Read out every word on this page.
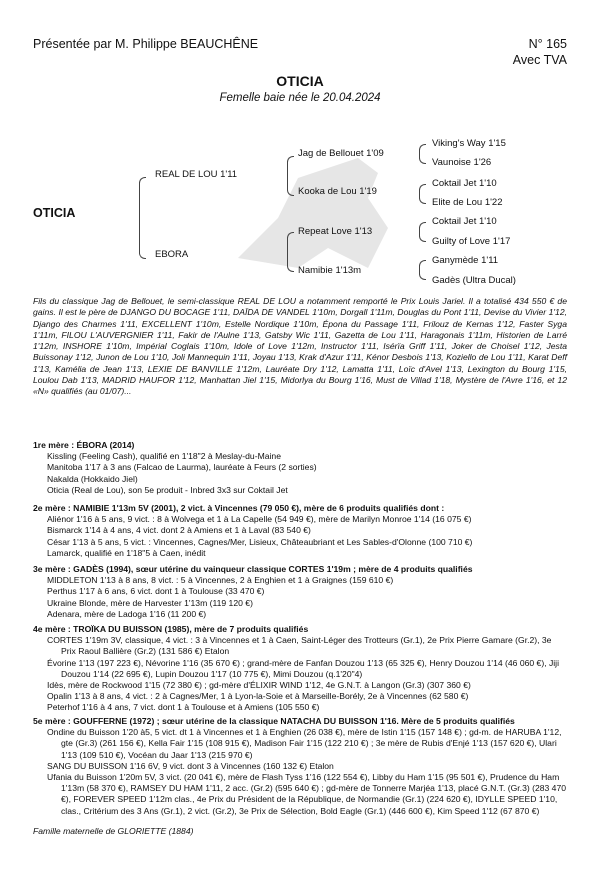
Présentée par M. Philippe BEAUCHÊNE	N° 165
Avec TVA
OTICIA
Femelle baie née le 20.04.2024
OTICIA
REAL DE LOU 1'11
EBORA
Jag de Bellouet 1'09
Kooka de Lou 1'19
Repeat Love 1'13
Namibie 1'13m
Viking's Way 1'15
Vaunoise 1'26
Coktail Jet 1'10
Elite de Lou 1'22
Coktail Jet 1'10
Guilty of Love 1'17
Ganymède 1'11
Gadès (Ultra Ducal)
Fils du classique Jag de Bellouet, le semi-classique REAL DE LOU a notamment remporté le Prix Louis Jariel. Il a totalisé 434 550 € de gains. Il est le père de DJANGO DU BOCAGE 1'11, DAÏDA DE VANDEL 1'10m, Dorgall 1'11m, Douglas du Pont 1'11, Devise du Vivier 1'12, Django des Charmes 1'11, EXCELLENT 1'10m, Estelle Nordique 1'10m, Épona du Passage 1'11, Frilouz de Kernas 1'12, Faster Syga 1'11m, FILOU L'AUVERGNIER 1'11, Fakir de l'Aulne 1'13, Gatsby Wic 1'11, Gazetta de Lou 1'11, Haragonais 1'11m, Historien de Larré 1'12m, INSHORE 1'10m, Impérial Coglais 1'10m, Idole of Love 1'12m, Instructor 1'11, Isérïa Griff 1'11, Joker de Choisel 1'12, Jesta Buissonay 1'12, Junon de Lou 1'10, Joli Mannequin 1'11, Joyau 1'13, Krak d'Azur 1'11, Kénor Desbois 1'13, Koziello de Lou 1'11, Karat Deff 1'13, Kamélia de Jean 1'13, LEXIE DE BANVILLE 1'12m, Lauréate Dry 1'12, Lamatta 1'11, Loïc d'Avel 1'13, Lexington du Bourg 1'15, Loulou Dab 1'13, MADRID HAUFOR 1'12, Manhattan Jiel 1'15, Midorlya du Bourg 1'16, Must de Villad 1'18, Mystère de l'Avre 1'16, et 12 «N» qualifiés (au 01/07)...
1re mère : ÉBORA (2014)
Kissling (Feeling Cash), qualifié en 1'18"2 à Meslay-du-Maine
Manitoba 1'17 à 3 ans (Falcao de Laurma), lauréate à Feurs (2 sorties)
Nakalda (Hokkaido Jiel)
Oticia (Real de Lou), son 5e produit - Inbred 3x3 sur Coktail Jet
2e mère : NAMIBIE 1'13m 5V (2001), 2 vict. à Vincennes (79 050 €), mère de 6 produits qualifiés dont :
Aliénor 1'16 à 5 ans, 9 vict. : 8 à Wolvega et 1 à La Capelle (54 949 €), mère de Marilyn Monroe 1'14 (16 075 €)
Bismarck 1'14 à 4 ans, 4 vict. dont 2 à Amiens et 1 à Laval (83 540 €)
César 1'13 à 5 ans, 5 vict. : Vincennes, Cagnes/Mer, Lisieux, Châteaubriant et Les Sables-d'Olonne (100 710 €)
Lamarck, qualifié en 1'18"5 à Caen, inédit
3e mère : GADÈS (1994), sœur utérine du vainqueur classique CORTES 1'19m ; mère de 4 produits qualifiés
MIDDLETON 1'13 à 8 ans, 8 vict. : 5 à Vincennes, 2 à Enghien et 1 à Graignes (159 610 €)
Perthus 1'17 à 6 ans, 6 vict. dont 1 à Toulouse (33 470 €)
Ukraine Blonde, mère de Harvester 1'13m (119 120 €)
Adenara, mère de Ladoga 1'16 (11 200 €)
4e mère : TROÏKA DU BUISSON (1985), mère de 7 produits qualifiés
CORTES 1'19m 3V, classique, 4 vict. : 3 à Vincennes et 1 à Caen, Saint-Léger des Trotteurs (Gr.1), 2e Prix Pierre Gamare (Gr.2), 3e Prix Raoul Ballière (Gr.2) (131 586 €) Etalon
Évorine 1'13 (197 223 €), Névorine 1'16 (35 670 €) ; grand-mère de Fanfan Douzou 1'13 (65 325 €), Henry Douzou 1'14 (46 060 €), Jiji Douzou 1'14 (22 695 €), Lupin Douzou 1'17 (10 775 €), Mimi Douzou (q.1'20"4)
Idès, mère de Rockwood 1'15 (72 380 €) ; gd-mère d'ÉLIXIR WIND 1'12, 4e G.N.T. à Langon (Gr.3) (307 360 €)
Opalin 1'13 à 8 ans, 4 vict. : 2 à Cagnes/Mer, 1 à Lyon-la-Soie et à Marseille-Borély, 2e à Vincennes (62 580 €)
Peterhof 1'16 à 4 ans, 7 vict. dont 1 à Toulouse et à Amiens (105 550 €)
5e mère : GOUFFERNE (1972) ; sœur utérine de la classique NATACHA DU BUISSON 1'16. Mère de 5 produits qualifiés
Ondine du Buisson 1'20 à5, 5 vict. dt 1 à Vincennes et 1 à Enghien (26 038 €), mère de Istin 1'15 (157 148 €) ; gd-m. de HARUBA 1'12, gte (Gr.3) (261 156 €), Kella Fair 1'15 (108 915 €), Madison Fair 1'15 (122 210 €) ; 3e mère de Rubis d'Enjé 1'13 (157 620 €), Ulari 1'13 (109 510 €), Vocéan du Jaar 1'13 (215 970 €)
SANG DU BUISSON 1'16 6V, 9 vict. dont 3 à Vincennes (160 132 €) Etalon
Ufania du Buisson 1'20m 5V, 3 vict. (20 041 €), mère de Flash Tyss 1'16 (122 554 €), Libby du Ham 1'15 (95 501 €), Prudence du Ham 1'13m (58 370 €), RAMSEY DU HAM 1'11, 2 acc. (Gr.2) (595 640 €) ; gd-mère de Tonnerre Marjéa 1'13, placé G.N.T. (Gr.3) (283 470 €), FOREVER SPEED 1'12m clas., 4e Prix du Président de la République, de Normandie (Gr.1) (224 620 €), IDYLLE SPEED 1'10, clas., Critérium des 3 Ans (Gr.1), 2 vict. (Gr.2), 3e Prix de Sélection, Bold Eagle (Gr.1) (446 600 €), Kim Speed 1'12 (67 870 €)
Famille maternelle de GLORIETTE (1884)
